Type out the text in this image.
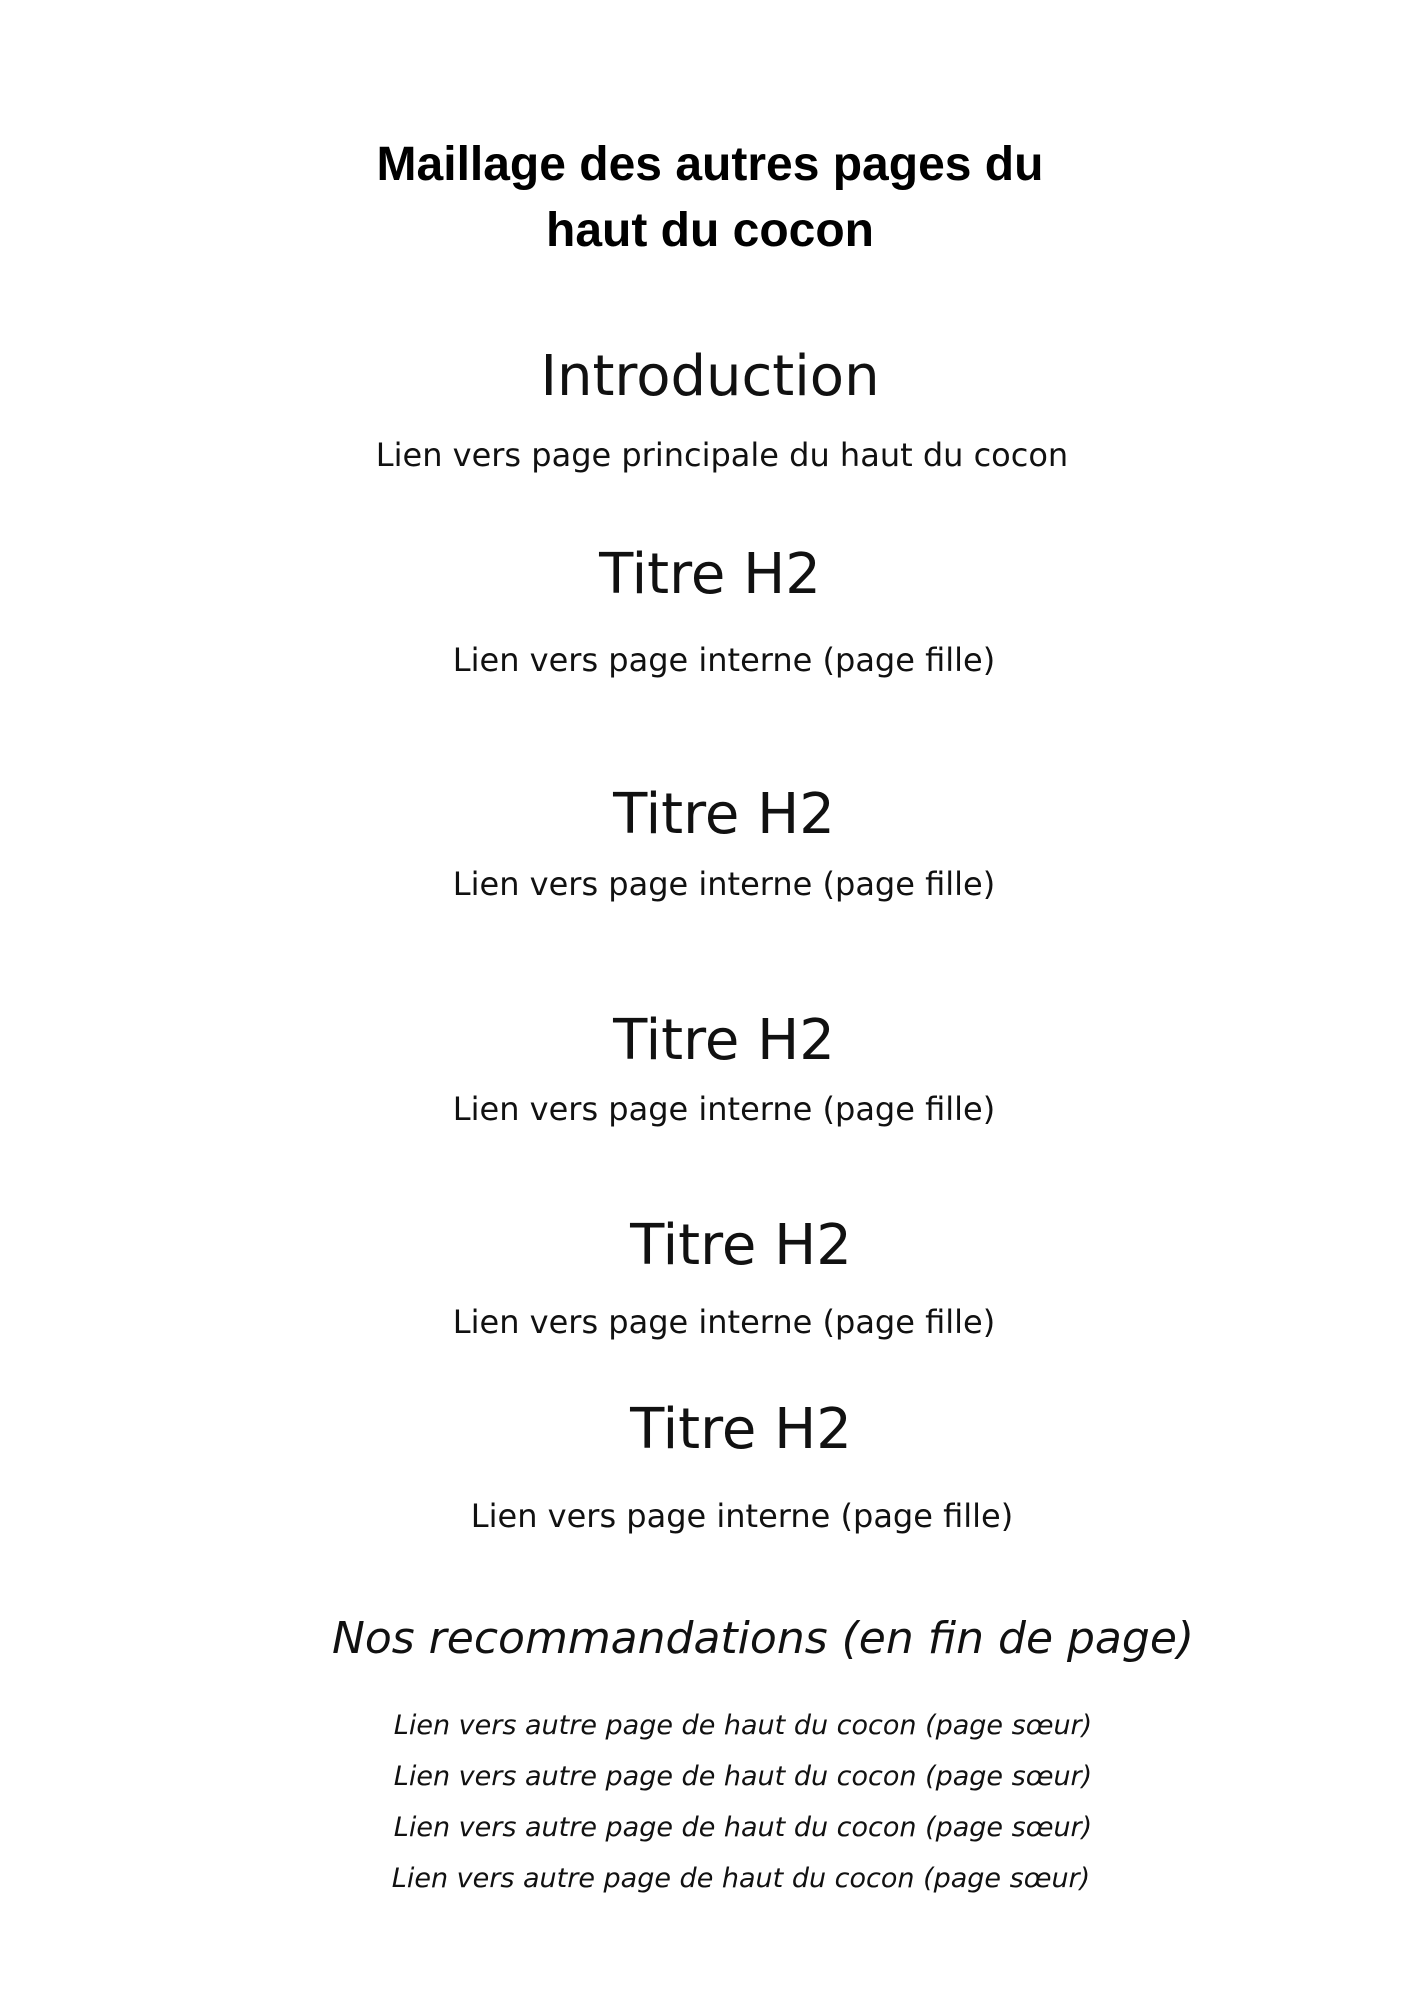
Maillage des autres pages du haut du cocon
Introduction

Lien vers page principale du haut du cocon

Titre H2

Lien vers page interne (page fille)

Titre H2

Lien vers page interne (page fille)

Titre H2

Lien vers page interne (page fille)

Titre H2

Lien vers page interne (page fille)

Titre H2

Lien vers page interne (page fille)

Nos recommandations (en fin de page)

Lien vers autre page de haut du cocon (page sœur)

Lien vers autre page de haut du cocon (page sœur)

Lien vers autre page de haut du cocon (page sœur)

Lien vers autre page de haut du cocon (page sœur)
